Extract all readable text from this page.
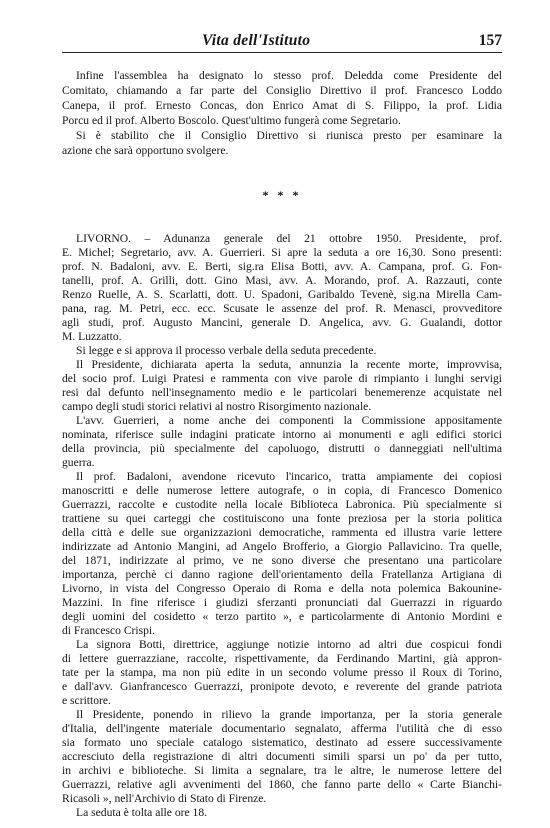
Vita dell'Istituto	157
Infine l'assemblea ha designato lo stesso prof. Deledda come Presidente del
Comitato, chiamando a far parte del Consiglio Direttivo il prof. Francesco Loddo
Canepa, il prof. Ernesto Concas, don Enrico Amat di S. Filippo, la prof. Lidia
Porcu ed il prof. Alberto Boscolo. Quest'ultimo fungerà come Segretario.
Si è stabilito che il Consiglio Direttivo si riunisca presto per esaminare la
azione che sarà opportuno svolgere.
* * *
LIVORNO. – Adunanza generale del 21 ottobre 1950. Presidente, prof.
E. Michel; Segretario, avv. A. Guerrieri. Si apre la seduta a ore 16,30. Sono presenti:
prof. N. Badaloni, avv. E. Berti, sig.ra Elisa Botti, avv. A. Campana, prof. G. Fon-
tanelli, prof. A. Grilli, dott. Gino Masi, avv. A. Morando, prof. A. Razzauti, conte
Renzo Ruelle, A. S. Scarlatti, dott. U. Spadoni, Garibaldo Tevenè, sig.na Mirella Cam-
pana, rag. M. Petri, ecc. ecc. Scusate le assenze del prof. R. Menasci, provveditore
agli studi, prof. Augusto Mancini, generale D. Angelica, avv. G. Gualandi, dottor
M. Luzzatto.
Si legge e si approva il processo verbale della seduta precedente.
Il Presidente, dichiarata aperta la seduta, annunzia la recente morte, improvvisa,
del socio prof. Luigi Pratesi e rammenta con vive parole di rimpianto i lunghi servigi
resi dal defunto nell'insegnamento medio e le particolari benemerenze acquistate nel
campo degli studi storici relativi al nostro Risorgimento nazionale.
L'avv. Guerrieri, a nome anche dei componenti la Commissione appositamente
nominata, riferisce sulle indagini praticate intorno ai monumenti e agli edifici storici
della provincia, più specialmente del capoluogo, distrutti o danneggiati nell'ultima
guerra.
Il prof. Badaloni, avendone ricevuto l'incarico, tratta ampiamente dei copiosi
manoscritti e delle numerose lettere autografe, o in copia, di Francesco Domenico
Guerrazzi, raccolte e custodite nella locale Biblioteca Labronica. Più specialmente si
trattiene su quei carteggi che costituiscono una fonte preziosa per la storia politica
della città e delle sue organizzazioni democratiche, rammenta ed illustra varie lettere
indirizzate ad Antonio Mangini, ad Angelo Brofferio, a Giorgio Pallavicino. Tra quelle,
del 1871, indirizzate al primo, ve ne sono diverse che presentano una particolare
importanza, perchè ci danno ragione dell'orientamento della Fratellanza Artigiana di
Livorno, in vista del Congresso Operaio di Roma e della nota polemica Bakounine-
Mazzini. In fine riferisce i giudizi sferzanti pronunciati dal Guerrazzi in riguardo
degli uomini del cosidetto « terzo partito », e particolarmente di Antonio Mordini e
di Francesco Crispi.
La signora Botti, direttrice, aggiunge notizie intorno ad altri due cospicui fondi
di lettere guerrazziane, raccolte, rispettivamente, da Ferdinando Martini, già appron-
tate per la stampa, ma non più edite in un secondo volume presso il Roux di Torino,
e dall'avv. Gianfrancesco Guerrazzi, pronipote devoto, e reverente del grande patriota
e scrittore.
Il Presidente, ponendo in rilievo la grande importanza, per la storia generale
d'Italia, dell'ingente materiale documentario segnalato, afferma l'utilità che di esso
sia formato uno speciale catalogo sistematico, destinato ad essere successivamente
accresciuto della registrazione di altri documenti simili sparsi un po' da per tutto,
in archivi e biblioteche. Si limita a segnalare, tra le altre, le numerose lettere del
Guerrazzi, relative agli avvenimenti del 1860, che fanno parte dello « Carte Bianchi-
Ricasoli », nell'Archivio di Stato di Firenze.
La seduta è tolta alle ore 18.
